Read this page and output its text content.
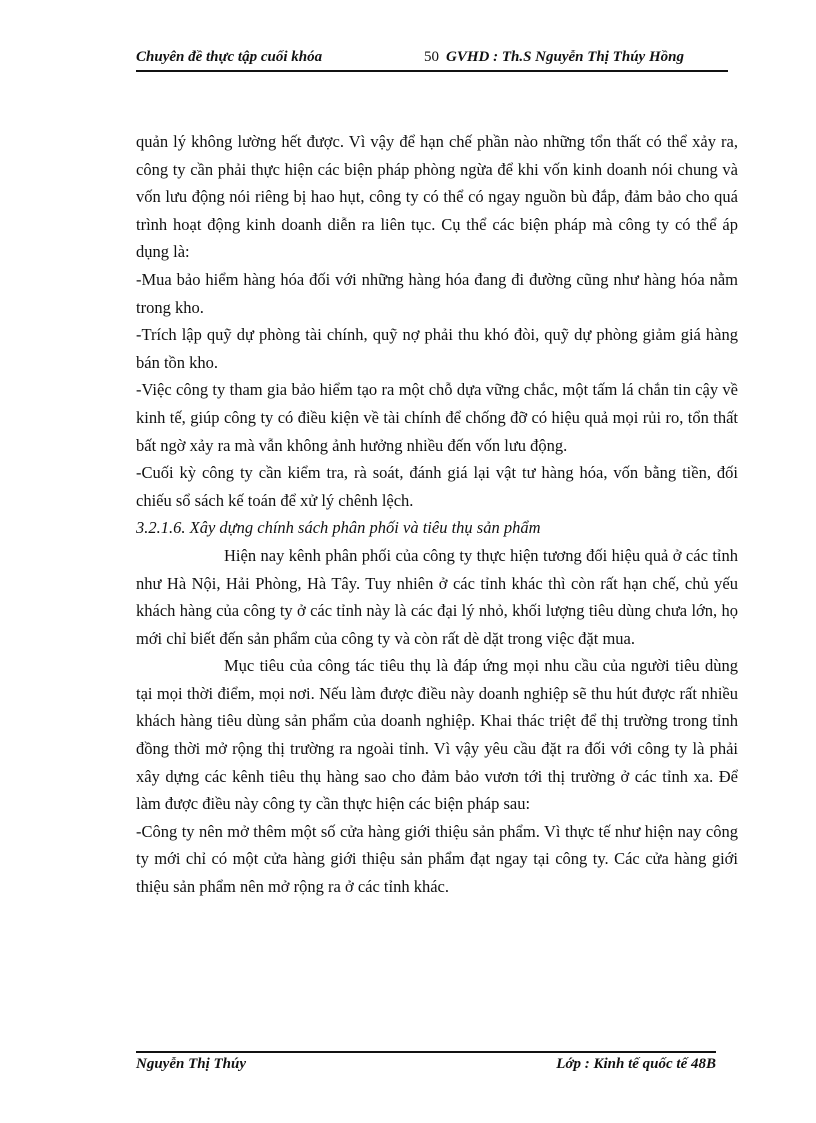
Chuyên đề thực tập cuối khóa	50 GVHD : Th.S Nguyễn Thị Thúy Hồng

quản lý không lường hết được. Vì vậy để hạn chế phần nào những tổn thất có thể xảy ra, công ty cần phải thực hiện các biện pháp phòng ngừa để khi vốn kinh doanh nói chung và vốn lưu động nói riêng bị hao hụt, công ty có thể có ngay nguồn bù đắp, đảm bảo cho quá trình hoạt động kinh doanh diễn ra liên tục. Cụ thể các biện pháp mà công ty có thể áp dụng là:

-Mua bảo hiểm hàng hóa đối với những hàng hóa đang đi đường cũng như hàng hóa nằm trong kho.

-Trích lập quỹ dự phòng tài chính, quỹ nợ phải thu khó đòi, quỹ dự phòng giảm giá hàng bán tồn kho.

-Việc công ty tham gia bảo hiểm tạo ra một chỗ dựa vững chắc, một tấm lá chắn tin cậy về kinh tế, giúp công ty có điều kiện về tài chính để chống đỡ có hiệu quả mọi rủi ro, tổn thất bất ngờ xảy ra mà vẫn không ảnh hưởng nhiều đến vốn lưu động.

-Cuối kỳ công ty cần kiểm tra, rà soát, đánh giá lại vật tư hàng hóa, vốn bằng tiền, đối chiếu sổ sách kế toán để xử lý chênh lệch.

3.2.1.6. Xây dựng chính sách phân phối và tiêu thụ sản phẩm

Hiện nay kênh phân phối của công ty thực hiện tương đối hiệu quả ở các tỉnh như Hà Nội, Hải Phòng, Hà Tây. Tuy nhiên ở các tỉnh khác thì còn rất hạn chế, chủ yếu khách hàng của công ty ở các tỉnh này là các đại lý nhỏ, khối lượng tiêu dùng chưa lớn, họ mới chỉ biết đến sản phẩm của công ty và còn rất dè dặt trong việc đặt mua.

Mục tiêu của công tác tiêu thụ là đáp ứng mọi nhu cầu của người tiêu dùng tại mọi thời điểm, mọi nơi. Nếu làm được điều này doanh nghiệp sẽ thu hút được rất nhiều khách hàng tiêu dùng sản phẩm của doanh nghiệp. Khai thác triệt để thị trường trong tỉnh đồng thời mở rộng thị trường ra ngoài tỉnh. Vì vậy yêu cầu đặt ra đối với công ty là phải xây dựng các kênh tiêu thụ hàng sao cho đảm bảo vươn tới thị trường ở các tỉnh xa. Để làm được điều này công ty cần thực hiện các biện pháp sau:

-Công ty nên mở thêm một số cửa hàng giới thiệu sản phẩm. Vì thực tế như hiện nay công ty mới chỉ có một cửa hàng giới thiệu sản phẩm đạt ngay tại công ty. Các cửa hàng giới thiệu sản phẩm nên mở rộng ra ở các tỉnh khác.

Nguyễn Thị Thúy	Lớp : Kinh tế quốc tế 48B
